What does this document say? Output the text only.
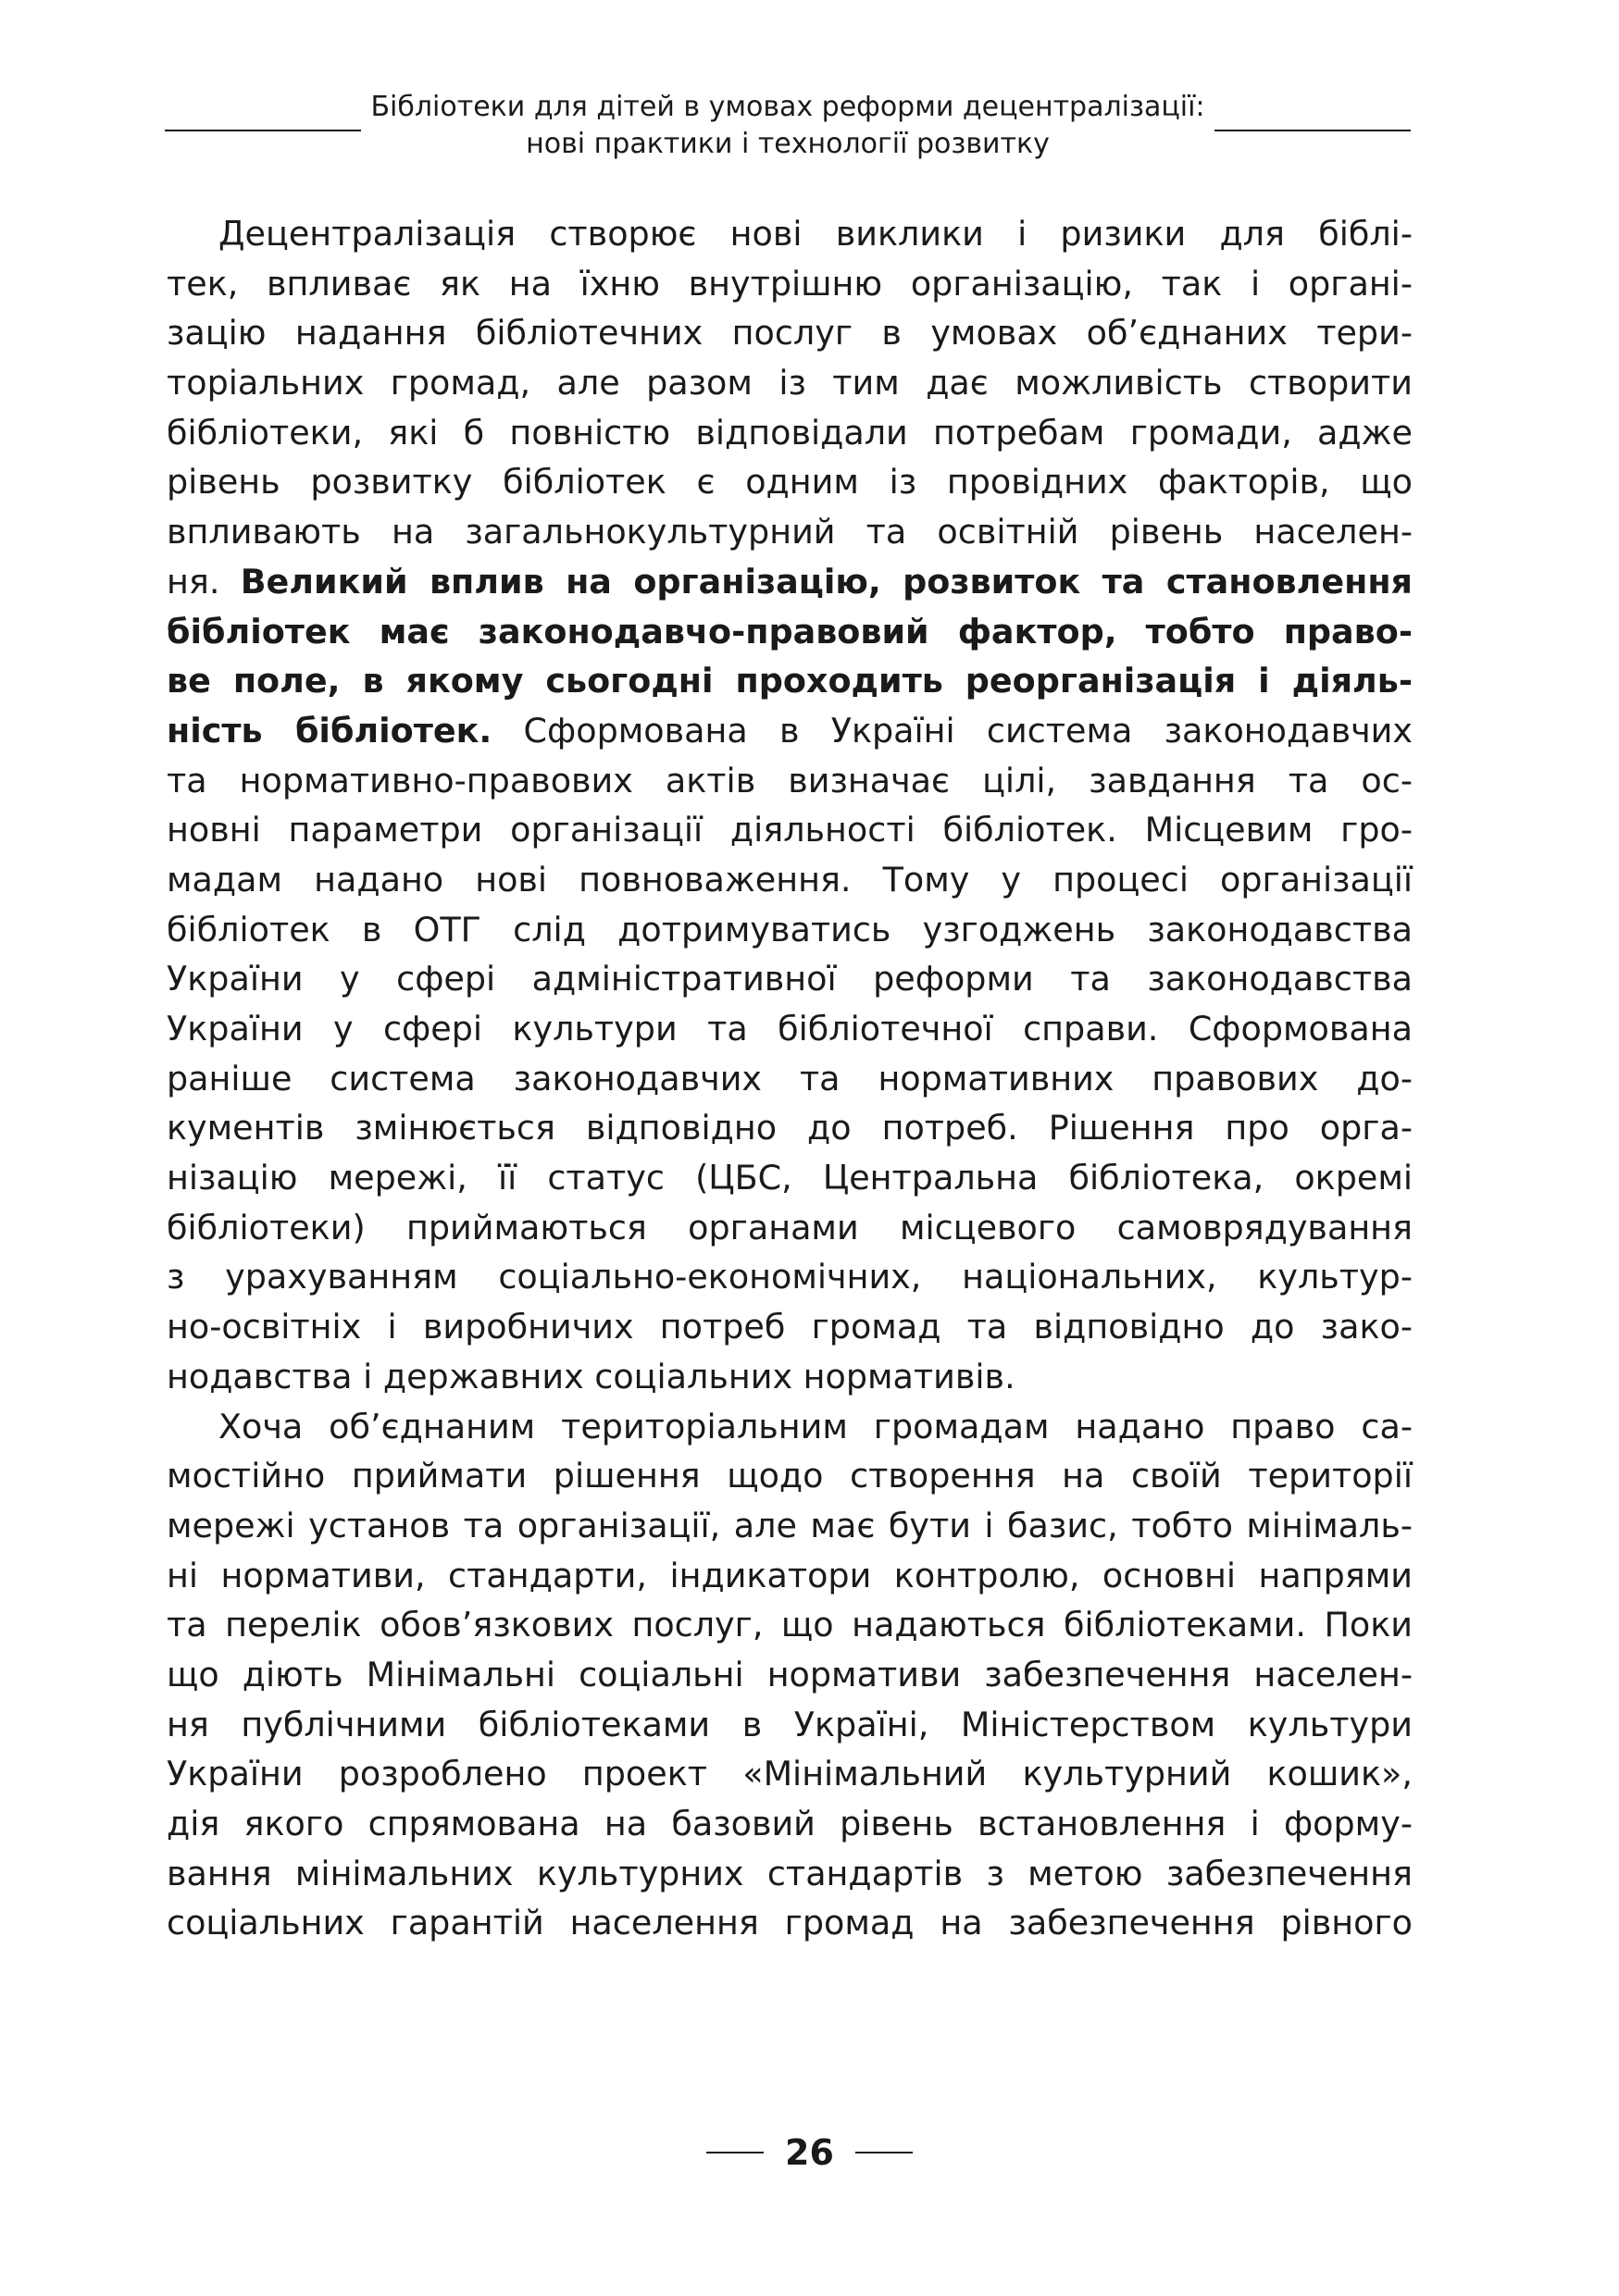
Бібліотеки для дітей в умовах реформи децентралізації:
нові практики і технології розвитку
Децентралізація створює нові виклики і ризики для біблі-
тек, впливає як на їхню внутрішню організацію, так і органі-
зацію надання бібліотечних послуг в умовах об’єднаних тери-
торіальних громад, але разом із тим дає можливість створити
бібліотеки, які б повністю відповідали потребам громади, адже
рівень розвитку бібліотек є одним із провідних факторів, що
впливають на загальнокультурний та освітній рівень населен-
ня. Великий вплив на організацію, розвиток та становлення
бібліотек має законодавчо-правовий фактор, тобто право-
ве поле, в якому сьогодні проходить реорганізація і діяль-
ність бібліотек. Сформована в Україні система законодавчих
та нормативно-правових актів визначає цілі, завдання та ос-
новні параметри організації діяльності бібліотек. Місцевим гро-
мадам надано нові повноваження. Тому у процесі організації
бібліотек в ОТГ слід дотримуватись узгоджень законодавства
України у сфері адміністративної реформи та законодавства
України у сфері культури та бібліотечної справи. Сформована
раніше система законодавчих та нормативних правових до-
кументів змінюється відповідно до потреб. Рішення про орга-
нізацію мережі, її статус (ЦБС, Центральна бібліотека, окремі
бібліотеки) приймаються органами місцевого самоврядування
з урахуванням соціально-економічних, національних, культур-
но-освітніх і виробничих потреб громад та відповідно до зако-
нодавства і державних соціальних нормативів.
Хоча об’єднаним територіальним громадам надано право са-
мостійно приймати рішення щодо створення на своїй території
мережі установ та організації, але має бути і базис, тобто мінімаль-
ні нормативи, стандарти, індикатори контролю, основні напрями
та перелік обов’язкових послуг, що надаються бібліотеками. Поки
що діють Мінімальні соціальні нормативи забезпечення населен-
ня публічними бібліотеками в Україні, Міністерством культури
України розроблено проект «Мінімальний культурний кошик»,
дія якого спрямована на базовий рівень встановлення і форму-
вання мінімальних культурних стандартів з метою забезпечення
соціальних гарантій населення громад на забезпечення рівного
26
